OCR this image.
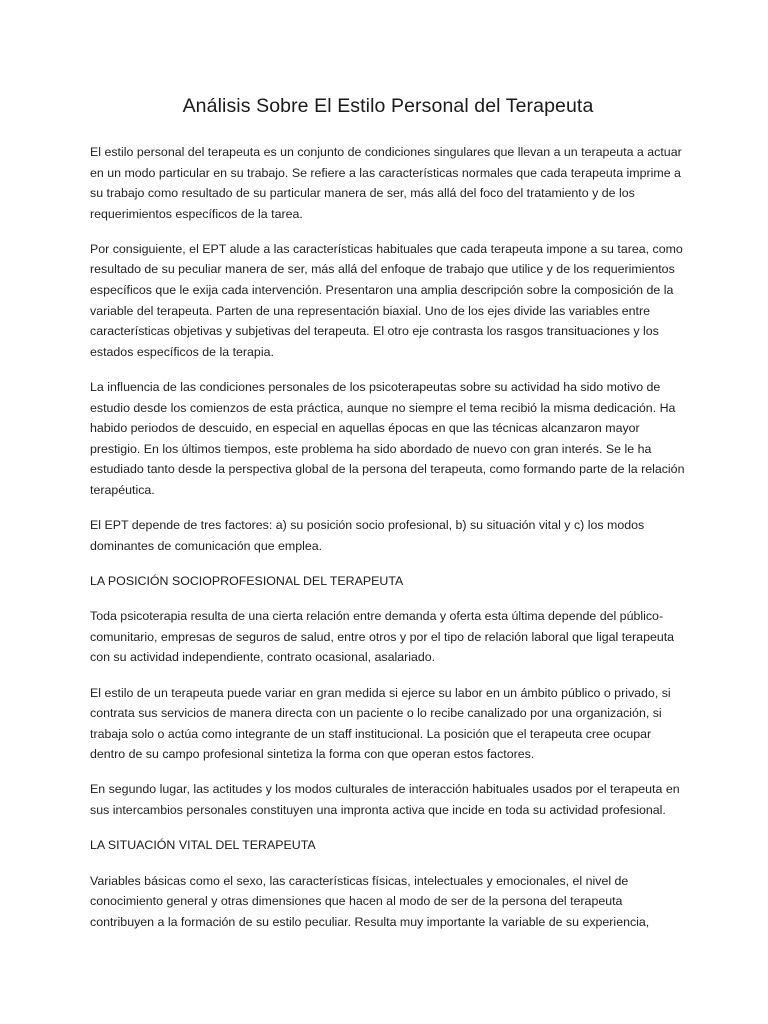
Análisis Sobre El Estilo Personal del Terapeuta

El estilo personal del terapeuta es un conjunto de condiciones singulares que llevan a un terapeuta a actuar en un modo particular en su trabajo. Se refiere a las características normales que cada terapeuta imprime a su trabajo como resultado de su particular manera de ser, más allá del foco del tratamiento y de los requerimientos específicos de la tarea.

Por consiguiente, el EPT alude a las características habituales que cada terapeuta impone a su tarea, como resultado de su peculiar manera de ser, más allá del enfoque de trabajo que utilice y de los requerimientos específicos que le exija cada intervención. Presentaron una amplia descripción sobre la composición de la variable del terapeuta. Parten de una representación biaxial. Uno de los ejes divide las variables entre características objetivas y subjetivas del terapeuta. El otro eje contrasta los rasgos transituaciones y los estados específicos de la terapia.

La influencia de las condiciones personales de los psicoterapeutas sobre su actividad ha sido motivo de estudio desde los comienzos de esta práctica, aunque no siempre el tema recibió la misma dedicación. Ha habido periodos de descuido, en especial en aquellas épocas en que las técnicas alcanzaron mayor prestigio. En los últimos tiempos, este problema ha sido abordado de nuevo con gran interés. Se le ha estudiado tanto desde la perspectiva global de la persona del terapeuta, como formando parte de la relación terapéutica.

El EPT depende de tres factores: a) su posición socio profesional, b) su situación vital y c) los modos dominantes de comunicación que emplea.

LA POSICIÓN SOCIOPROFESIONAL DEL TERAPEUTA

Toda psicoterapia resulta de una cierta relación entre demanda y oferta esta última depende del público-comunitario, empresas de seguros de salud, entre otros y por el tipo de relación laboral que ligal terapeuta con su actividad independiente, contrato ocasional, asalariado.

El estilo de un terapeuta puede variar en gran medida si ejerce su labor en un ámbito público o privado, si contrata sus servicios de manera directa con un paciente o lo recibe canalizado por una organización, si trabaja solo o actúa como integrante de un staff institucional. La posición que el terapeuta cree ocupar dentro de su campo profesional sintetiza la forma con que operan estos factores.

En segundo lugar, las actitudes y los modos culturales de interacción habituales usados por el terapeuta en sus intercambios personales constituyen una impronta activa que incide en toda su actividad profesional.

LA SITUACIÓN VITAL DEL TERAPEUTA

Variables básicas como el sexo, las características físicas, intelectuales y emocionales, el nivel de conocimiento general y otras dimensiones que hacen al modo de ser de la persona del terapeuta contribuyen a la formación de su estilo peculiar. Resulta muy importante la variable de su experiencia,
